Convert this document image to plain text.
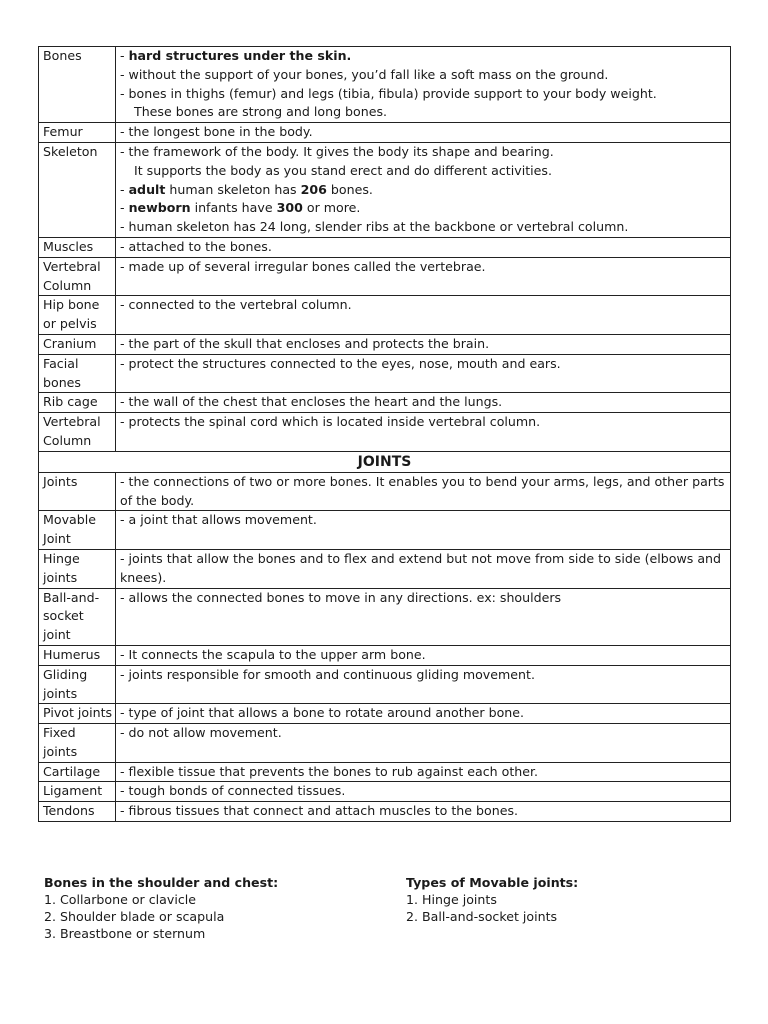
Bones	- hard structures under the skin.
- without the support of your bones, you’d fall like a soft mass on the ground.
- bones in thighs (femur) and legs (tibia, fibula) provide support to your body weight.
These bones are strong and long bones.

Femur	- the longest bone in the body.

Skeleton	- the framework of the body. It gives the body its shape and bearing.
It supports the body as you stand erect and do different activities.
- adult human skeleton has 206 bones.
- newborn infants have 300 or more.
- human skeleton has 24 long, slender ribs at the backbone or vertebral column.

Muscles	- attached to the bones.

Vertebral Column	- made up of several irregular bones called the vertebrae.

Hip bone or pelvis	- connected to the vertebral column.

Cranium	- the part of the skull that encloses and protects the brain.

Facial bones	- protect the structures connected to the eyes, nose, mouth and ears.

Rib cage	- the wall of the chest that encloses the heart and the lungs.

Vertebral Column	- protects the spinal cord which is located inside vertebral column.

JOINTS	
Joints	- the connections of two or more bones. It enables you to bend your arms, legs, and other parts of the body.

Movable Joint	- a joint that allows movement.

Hinge joints	- joints that allow the bones and to flex and extend but not move from side to side (elbows and knees).

Ball-and-socket joint	- allows the connected bones to move in any directions. ex: shoulders

Humerus	- It connects the scapula to the upper arm bone.

Gliding joints	- joints responsible for smooth and continuous gliding movement.

Pivot joints	- type of joint that allows a bone to rotate around another bone.

Fixed joints	- do not allow movement.

Cartilage	- flexible tissue that prevents the bones to rub against each other.

Ligament	- tough bonds of connected tissues.

Tendons	- fibrous tissues that connect and attach muscles to the bones.
Bones in the shoulder and chest:
1. Collarbone or clavicle
2. Shoulder blade or scapula
3. Breastbone or sternum
Types of Movable joints:
1. Hinge joints
2. Ball-and-socket joints
